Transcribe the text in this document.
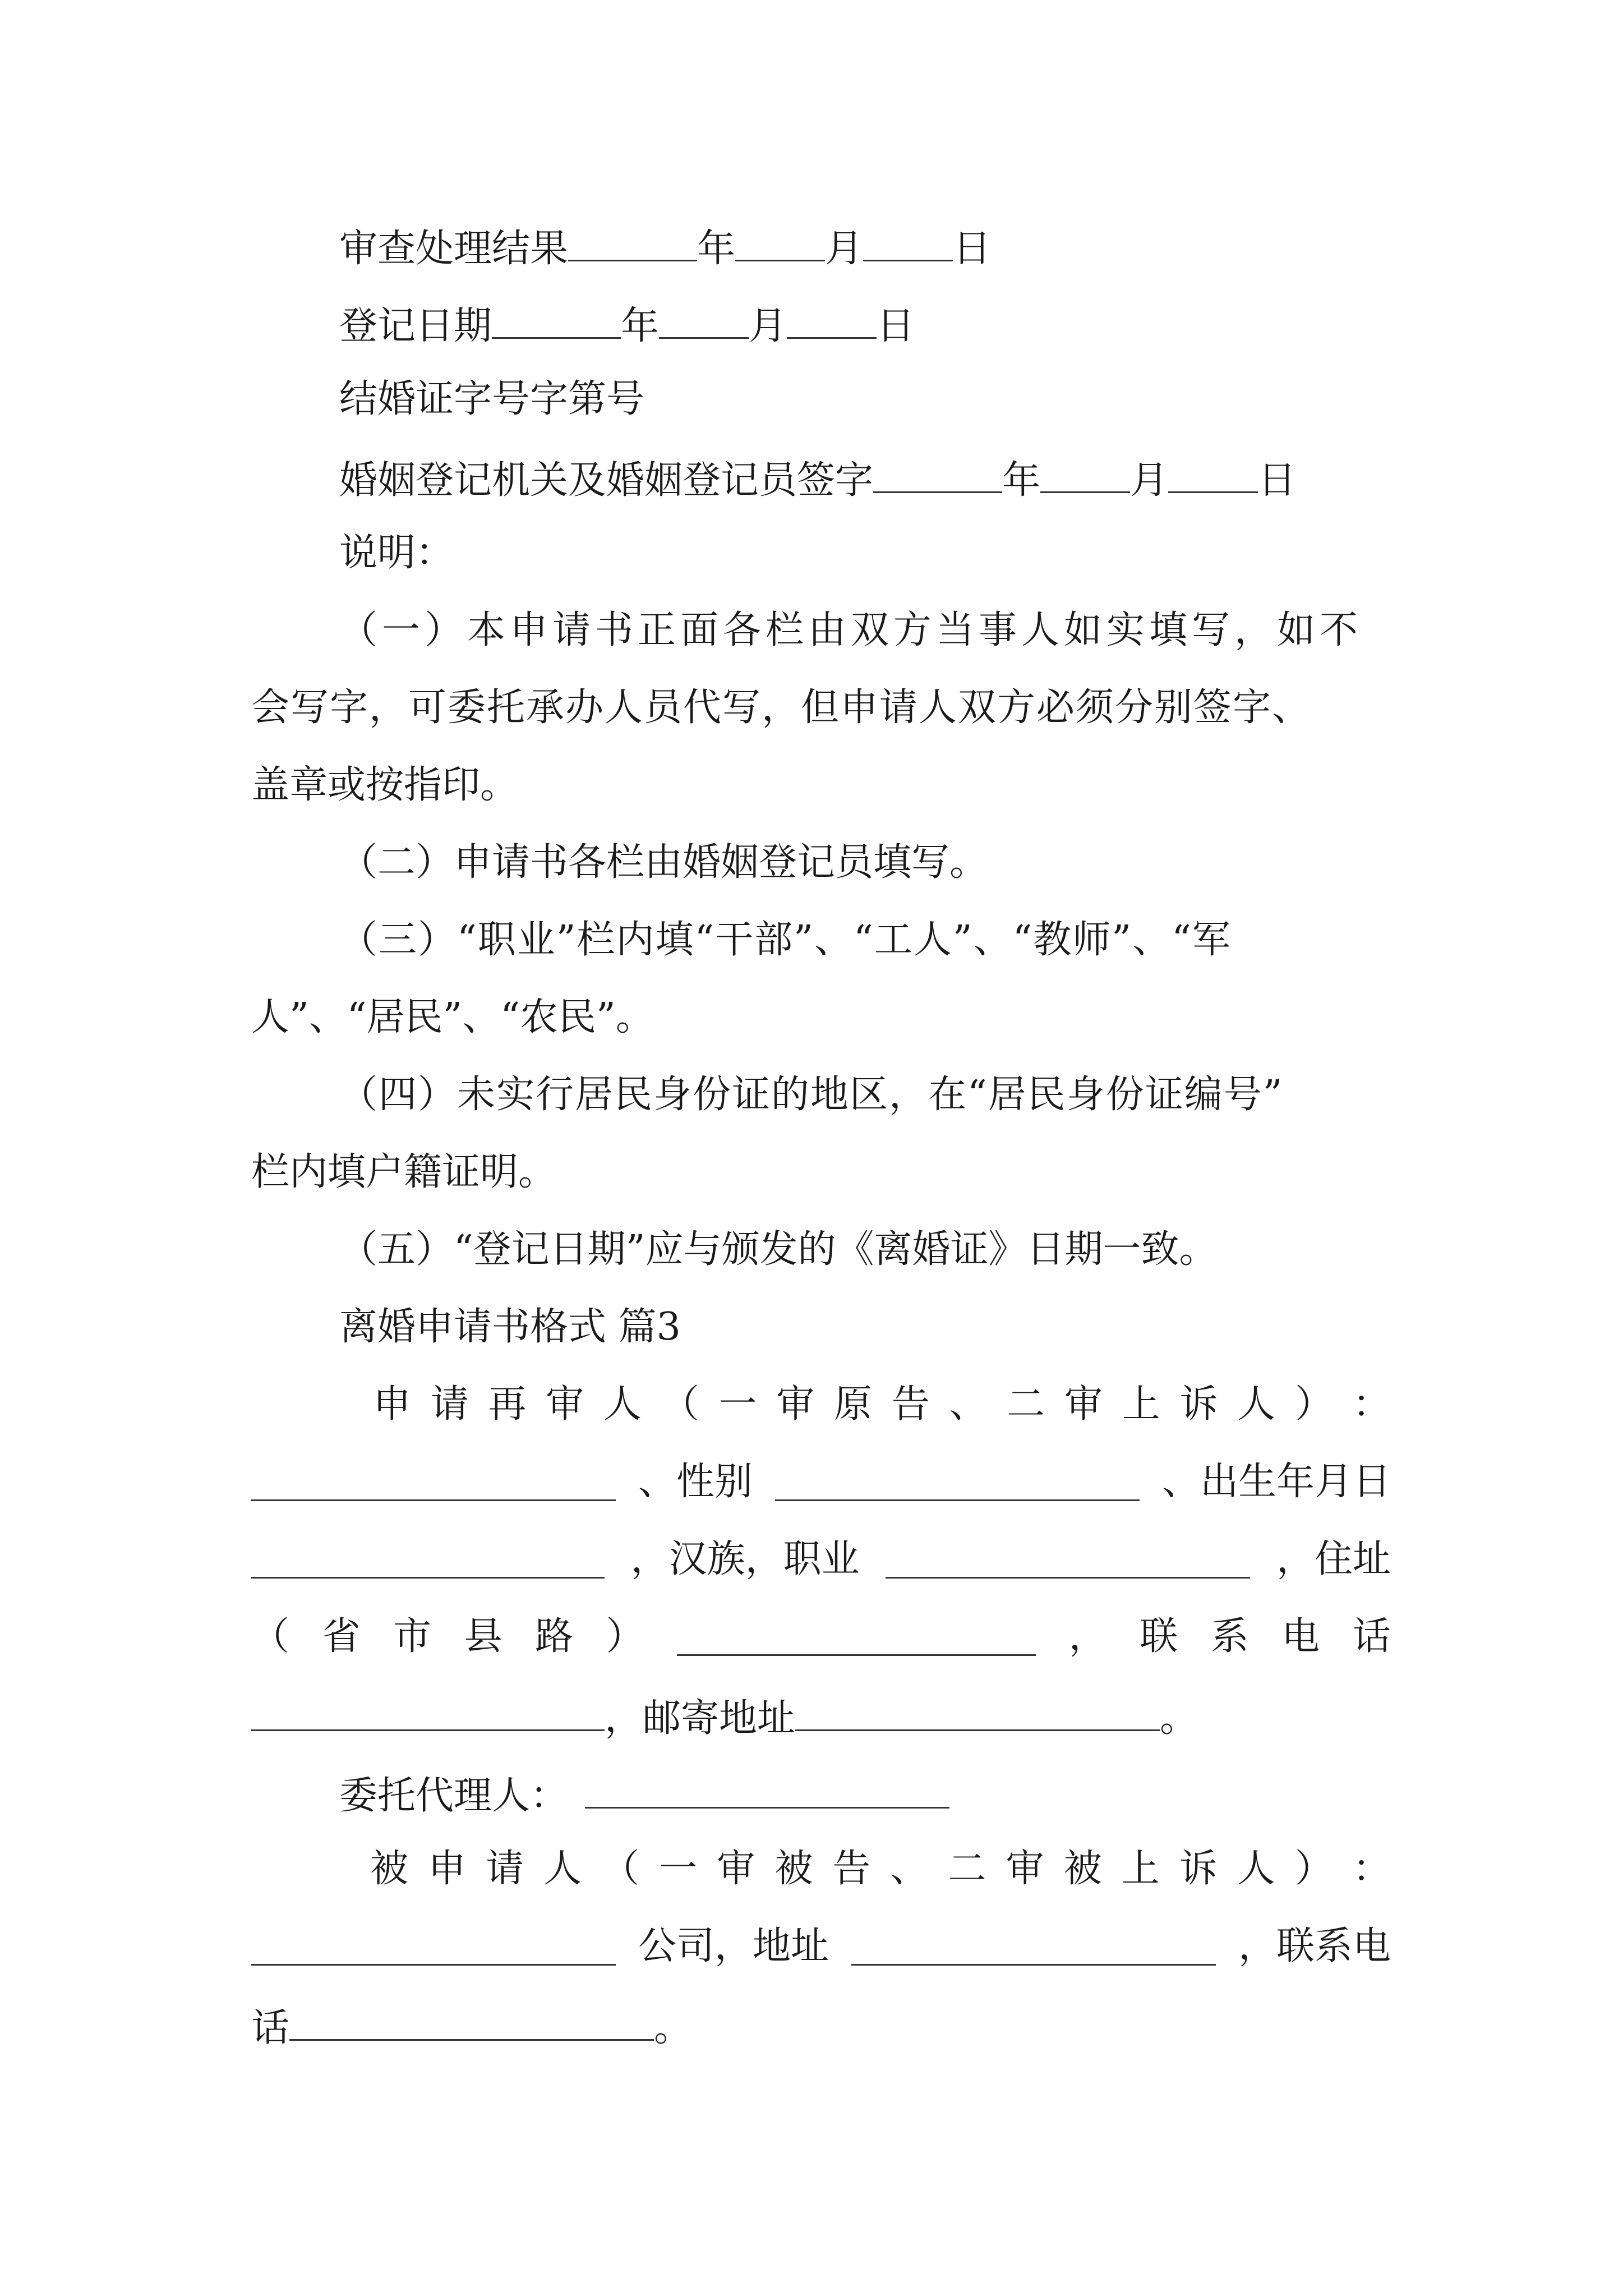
审查处理结果	年 月 日
登记日期	年 月 日
结婚证字号字第号
婚姻登记机关及婚姻登记员签字	年 月 日
说明：
（一）本申请书正面各栏由双方当事人如实填写，如不
会写字，可委托承办人员代写，但申请人双方必须分别签字、
盖章或按指印。
（二）申请书各栏由婚姻登记员填写。
（三）“职业”栏内填“干部”、“工人”、“教师”、“军
人”、“居民”、“农民”。
（四）未实行居民身份证的地区，在“居民身份证编号”
栏内填户籍证明。
（五）“登记日期”应与颁发的《离婚证》日期一致。
离婚申请书格式 篇3
申 请 再 审 人 （ 一 审 原 告 、 二 审 上 诉 人 ） ：
、性别	、出生年月日
，汉族，职业	，住址
（ 省 市 县 路 ）	， 联 系 电 话
，邮寄地址	。
委托代理人：
被 申 请 人 （ 一 审 被 告 、 二 审 被 上 诉 人 ） ：
公司，地址	，联系电
话	。
